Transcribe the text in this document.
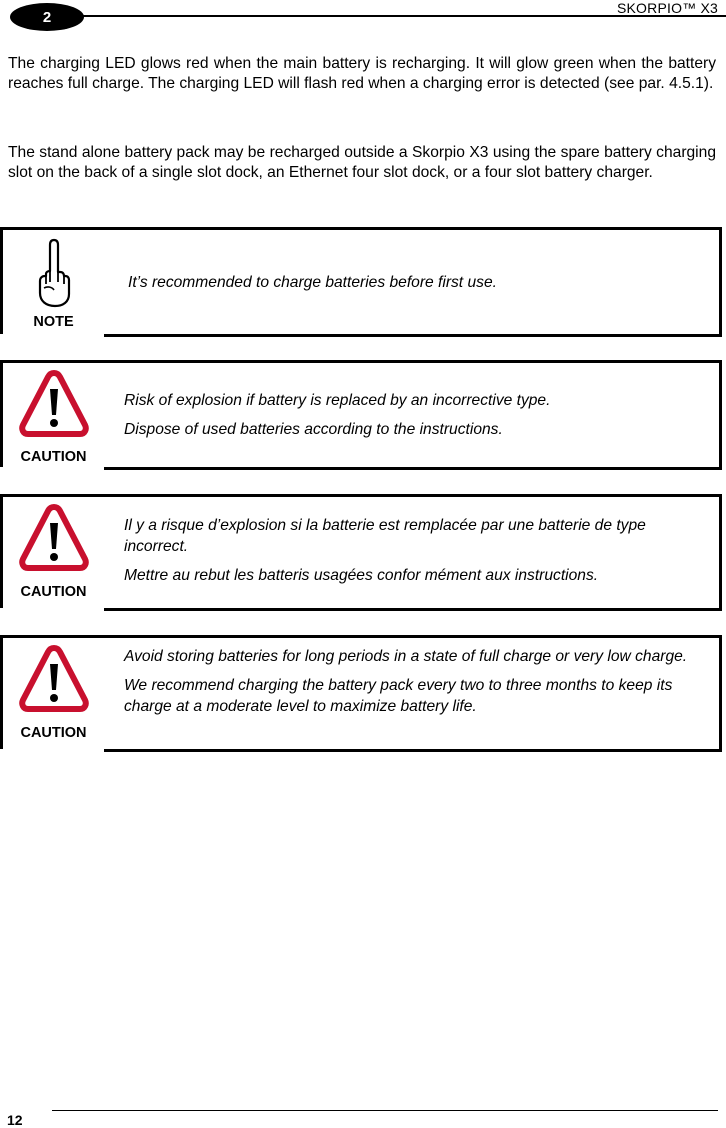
2
SKORPIO™ X3

The charging LED glows red when the main battery is recharging. It will glow green when the battery reaches full charge. The charging LED will flash red when a charging error is detected (see par. 4.5.1).

The stand alone battery pack may be recharged outside a Skorpio X3 using the spare battery charging slot on the back of a single slot dock, an Ethernet four slot dock, or a four slot battery charger.

NOTE

It’s recommended to charge batteries before first use.

CAUTION

Risk of explosion if battery is replaced by an incorrective type.

Dispose of used batteries according to the instructions.

CAUTION

Il y a risque d’explosion si la batterie est remplacée par une batterie de type incorrect.

Mettre au rebut les batteris usagées confor mément aux instructions.

CAUTION

Avoid storing batteries for long periods in a state of full charge or very low charge.

We recommend charging the battery pack every two to three months to keep its charge at a moderate level to maximize battery life.

12
